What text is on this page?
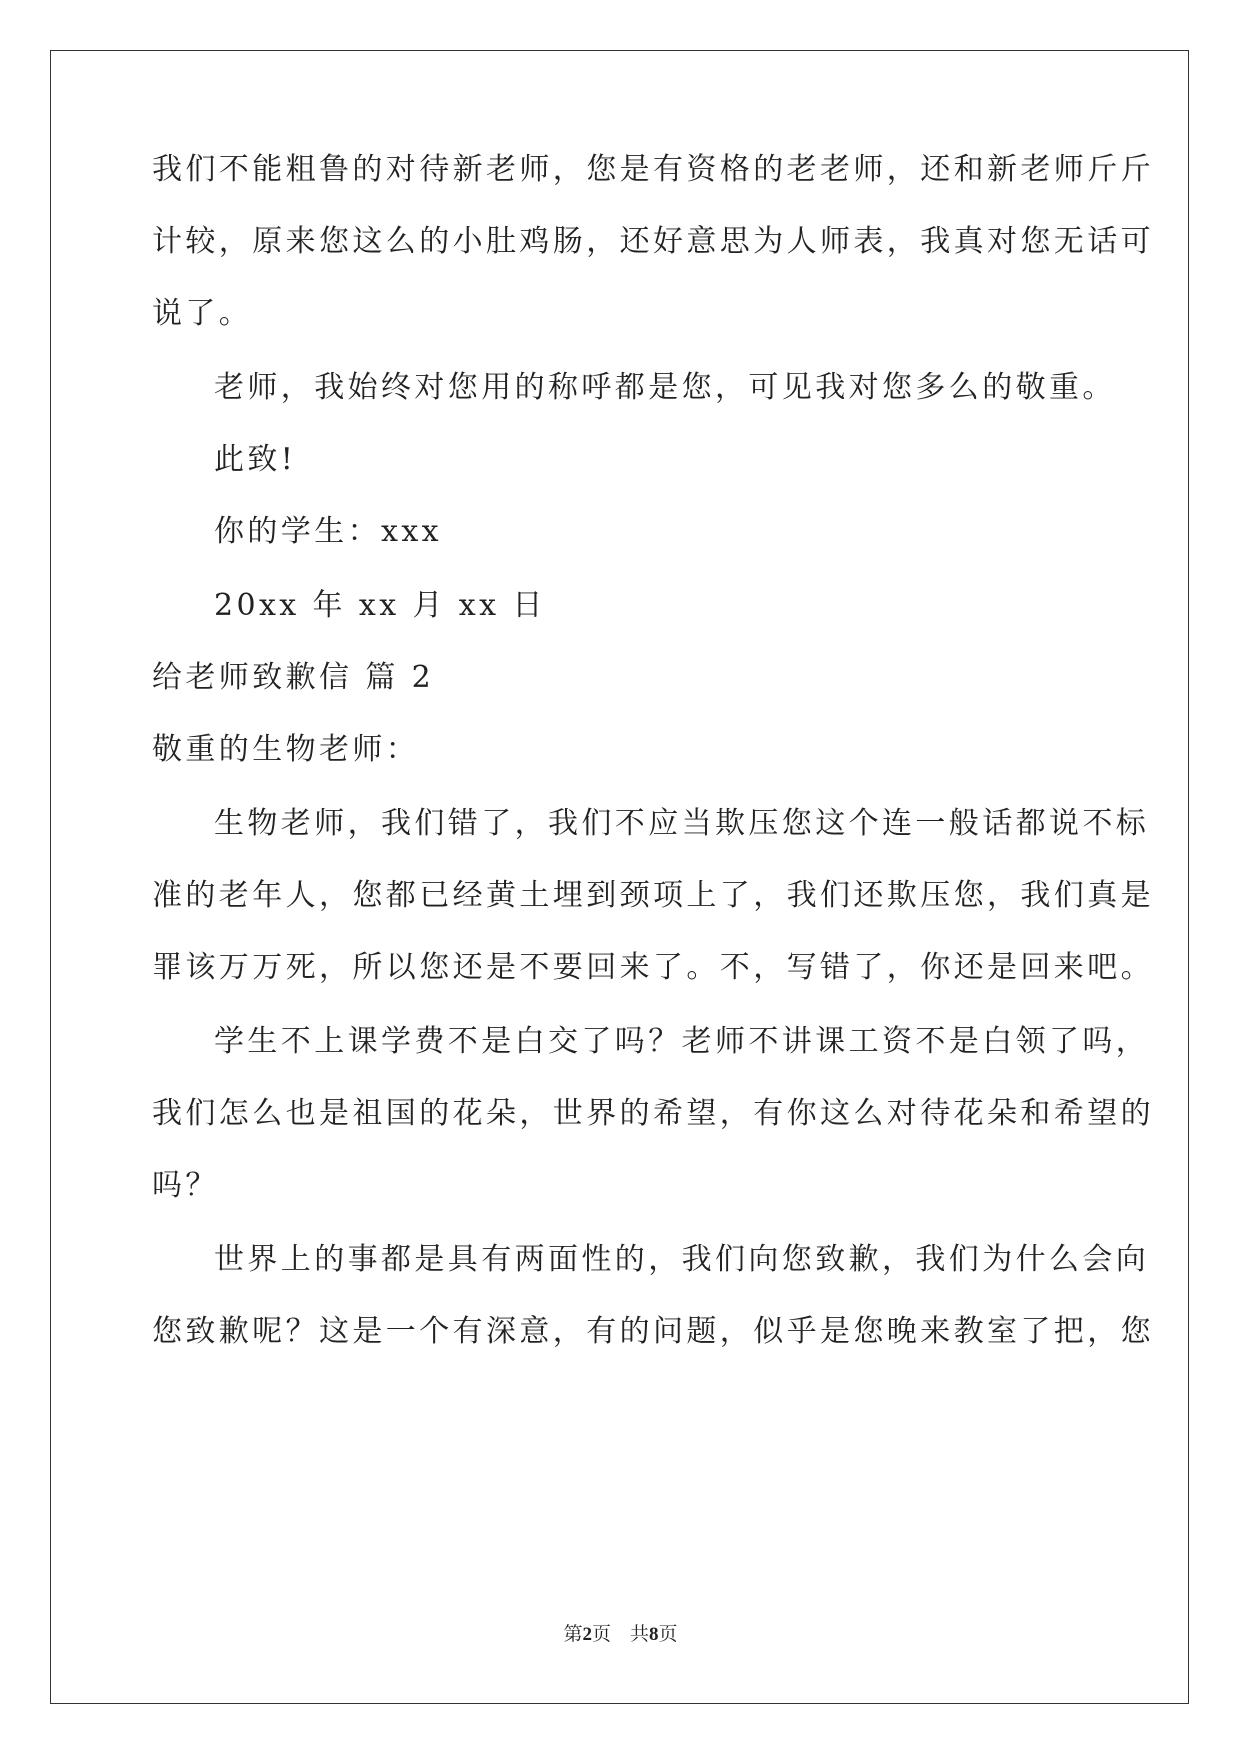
我们不能粗鲁的对待新老师，您是有资格的老老师，还和新老师斤斤

计较，原来您这么的小肚鸡肠，还好意思为人师表，我真对您无话可

说了。

老师，我始终对您用的称呼都是您，可见我对您多么的敬重。

此致!

你的学生：xxx

20xx 年 xx 月 xx 日

给老师致歉信 篇 2

敬重的生物老师：

生物老师，我们错了，我们不应当欺压您这个连一般话都说不标

准的老年人，您都已经黄土埋到颈项上了，我们还欺压您，我们真是

罪该万万死，所以您还是不要回来了。不，写错了，你还是回来吧。

学生不上课学费不是白交了吗？老师不讲课工资不是白领了吗，

我们怎么也是祖国的花朵，世界的希望，有你这么对待花朵和希望的

吗？

世界上的事都是具有两面性的，我们向您致歉，我们为什么会向

您致歉呢？这是一个有深意，有的问题，似乎是您晚来教室了把，您

第2页　共8页
